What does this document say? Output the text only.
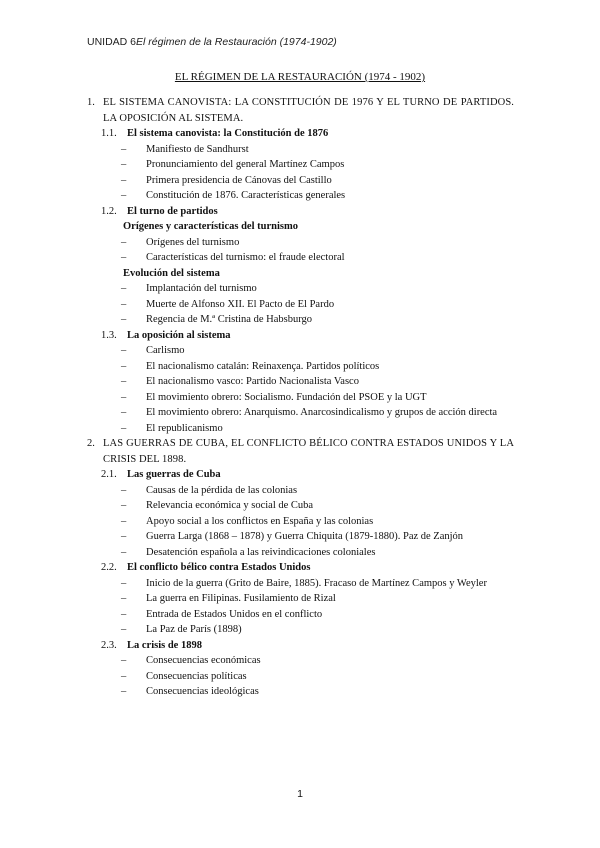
UNIDAD 6El régimen de la Restauración (1974-1902)
EL RÉGIMEN DE LA RESTAURACIÓN (1974 - 1902)
1. EL SISTEMA CANOVISTA: LA CONSTITUCIÓN DE 1976 Y EL TURNO DE PARTIDOS. LA OPOSICIÓN AL SISTEMA.
1.1. El sistema canovista: la Constitución de 1876
–	Manifiesto de Sandhurst
–	Pronunciamiento del general Martínez Campos
–	Primera presidencia de Cánovas del Castillo
–	Constitución de 1876. Características generales
1.2. El turno de partidos
Orígenes y características del turnismo
–	Orígenes del turnismo
–	Características del turnismo: el fraude electoral
Evolución del sistema
–	Implantación del turnismo
–	Muerte de Alfonso XII. El Pacto de El Pardo
–	Regencia de M.ª Cristina de Habsburgo
1.3. La oposición al sistema
–	Carlismo
–	El nacionalismo catalán: Reinaxença. Partidos políticos
–	El nacionalismo vasco: Partido Nacionalista Vasco
–	El movimiento obrero: Socialismo. Fundación del PSOE y la UGT
–	El movimiento obrero: Anarquismo. Anarcosindicalismo y grupos de acción directa
–	El republicanismo
2. LAS GUERRAS DE CUBA, EL CONFLICTO BÉLICO CONTRA ESTADOS UNIDOS Y LA CRISIS DEL 1898.
2.1. Las guerras de Cuba
–	Causas de la pérdida de las colonias
–	Relevancia económica y social de Cuba
–	Apoyo social a los conflictos en España y las colonias
–	Guerra Larga (1868 – 1878) y Guerra Chiquita (1879-1880). Paz de Zanjón
–	Desatención española a las reivindicaciones coloniales
2.2. El conflicto bélico contra Estados Unidos
–	Inicio de la guerra (Grito de Baire, 1885). Fracaso de Martínez Campos y Weyler
–	La guerra en Filipinas. Fusilamiento de Rizal
–	Entrada de Estados Unidos en el conflicto
–	La Paz de París (1898)
2.3. La crisis de 1898
–	Consecuencias económicas
–	Consecuencias políticas
–	Consecuencias ideológicas
1
